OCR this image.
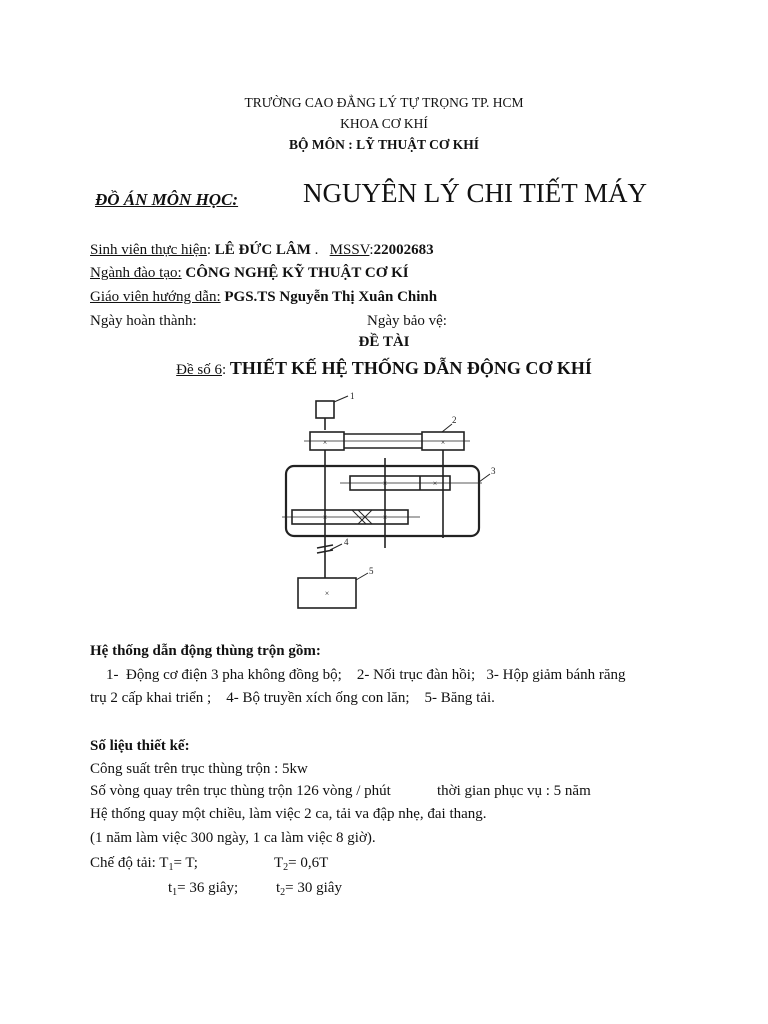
TRƯỜNG CAO ĐẲNG LÝ TỰ TRỌNG TP. HCM
KHOA CƠ KHÍ
BỘ MÔN : LỸ THUẬT CƠ KHÍ
ĐỒ ÁN MÔN HỌC: NGUYÊN LÝ CHI TIẾT MÁY
Sinh viên thực hiện: LÊ ĐỨC LÂM .   MSSV:22002683
Ngành đào tạo: CÔNG NGHỆ KỸ THUẬT CƠ KÍ
Giáo viên hướng dẫn: PGS.TS Nguyễn Thị Xuân Chinh
Ngày hoàn thành:	Ngày bảo vệ:
ĐỀ TÀI
Đề số 6: THIẾT KẾ HỆ THỐNG DẪN ĐỘNG CƠ KHÍ
×	×
×	×
×	×
×
1
2
3
4
5
Hệ thống dẫn động thùng trộn gồm:
1-  Động cơ điện 3 pha không đồng bộ;    2- Nối trục đàn hồi;   3- Hộp giảm bánh răng
trụ 2 cấp khai triển ;    4- Bộ truyền xích ống con lăn;    5- Băng tải.
Số liệu thiết kế:
Công suất trên trục thùng trộn : 5kw
Số vòng quay trên trục thùng trộn 126 vòng / phút	thời gian phục vụ : 5 năm
Hệ thống quay một chiều, làm việc 2 ca, tải va đập nhẹ, đai thang.
(1 năm làm việc 300 ngày, 1 ca làm việc 8 giờ).
Chế độ tải: $T_1= T$;	$T_2= 0,6T$
$t_1= 36$ giây;	$t_2= 30$ giây
